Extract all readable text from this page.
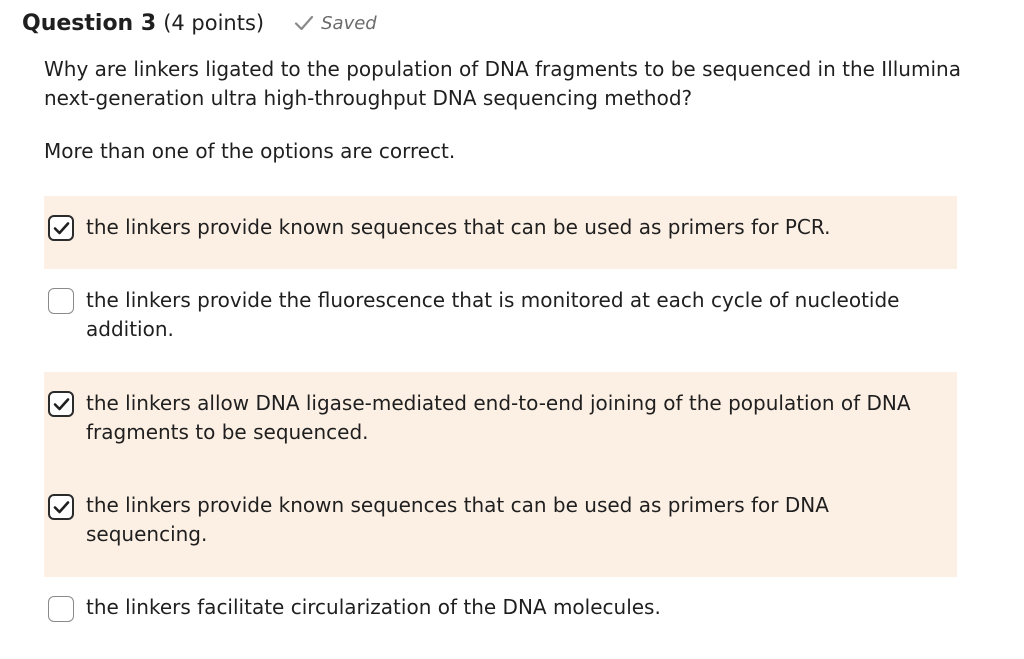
Question 3 (4 points)	Saved
Why are linkers ligated to the population of DNA fragments to be sequenced in the Illumina next-generation ultra high-throughput DNA sequencing method?
More than one of the options are correct.
the linkers provide known sequences that can be used as primers for PCR.
the linkers provide the fluorescence that is monitored at each cycle of nucleotide addition.
the linkers allow DNA ligase-mediated end-to-end joining of the population of DNA fragments to be sequenced.
the linkers provide known sequences that can be used as primers for DNA sequencing.
the linkers facilitate circularization of the DNA molecules.
